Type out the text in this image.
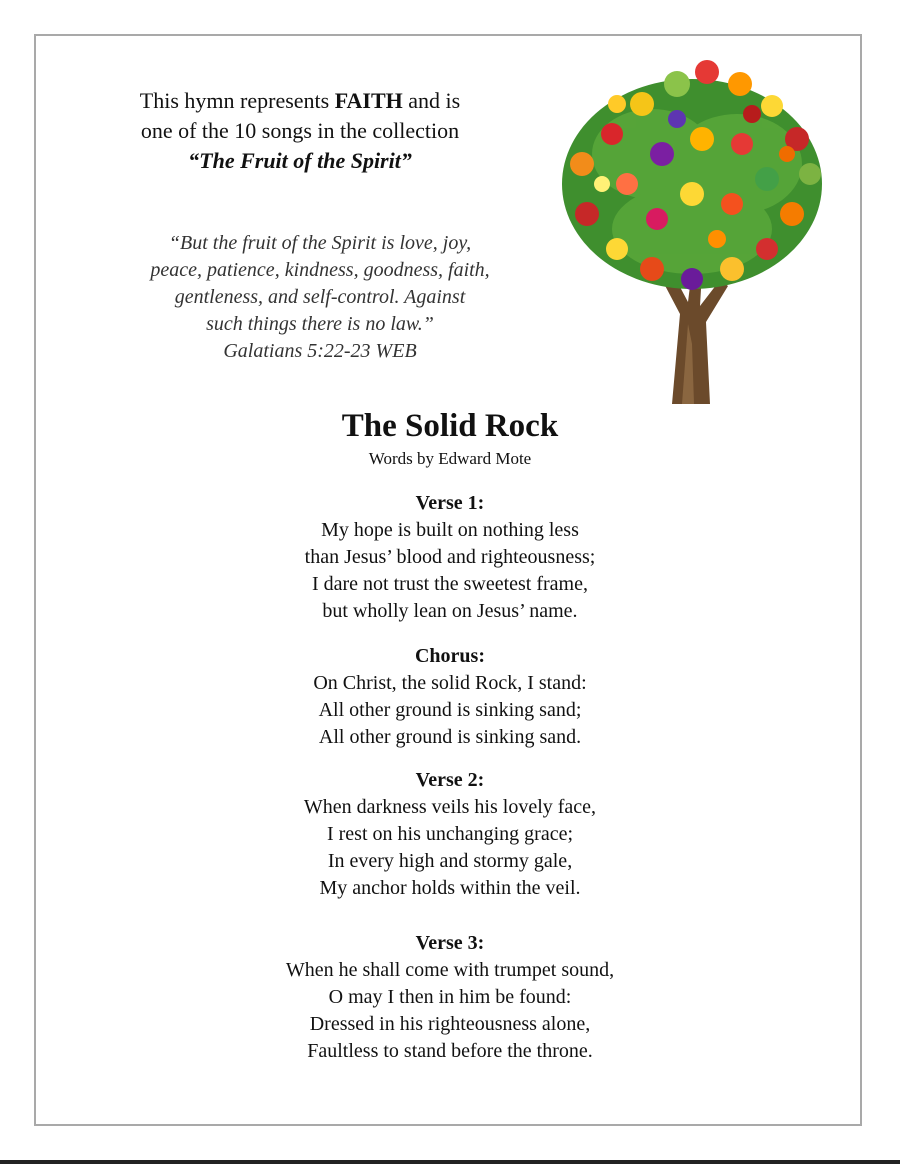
This hymn represents FAITH and is
one of the 10 songs in the collection
“The Fruit of the Spirit”
“But the fruit of the Spirit is love, joy,
peace, patience, kindness, goodness, faith,
gentleness, and self-control. Against
such things there is no law.”
Galatians 5:22-23 WEB
The Solid Rock
Words by Edward Mote
Verse 1:
My hope is built on nothing less
than Jesus’ blood and righteousness;
I dare not trust the sweetest frame,
but wholly lean on Jesus’ name.
Chorus:
On Christ, the solid Rock, I stand:
All other ground is sinking sand;
All other ground is sinking sand.
Verse 2:
When darkness veils his lovely face,
I rest on his unchanging grace;
In every high and stormy gale,
My anchor holds within the veil.
Verse 3:
When he shall come with trumpet sound,
O may I then in him be found:
Dressed in his righteousness alone,
Faultless to stand before the throne.
